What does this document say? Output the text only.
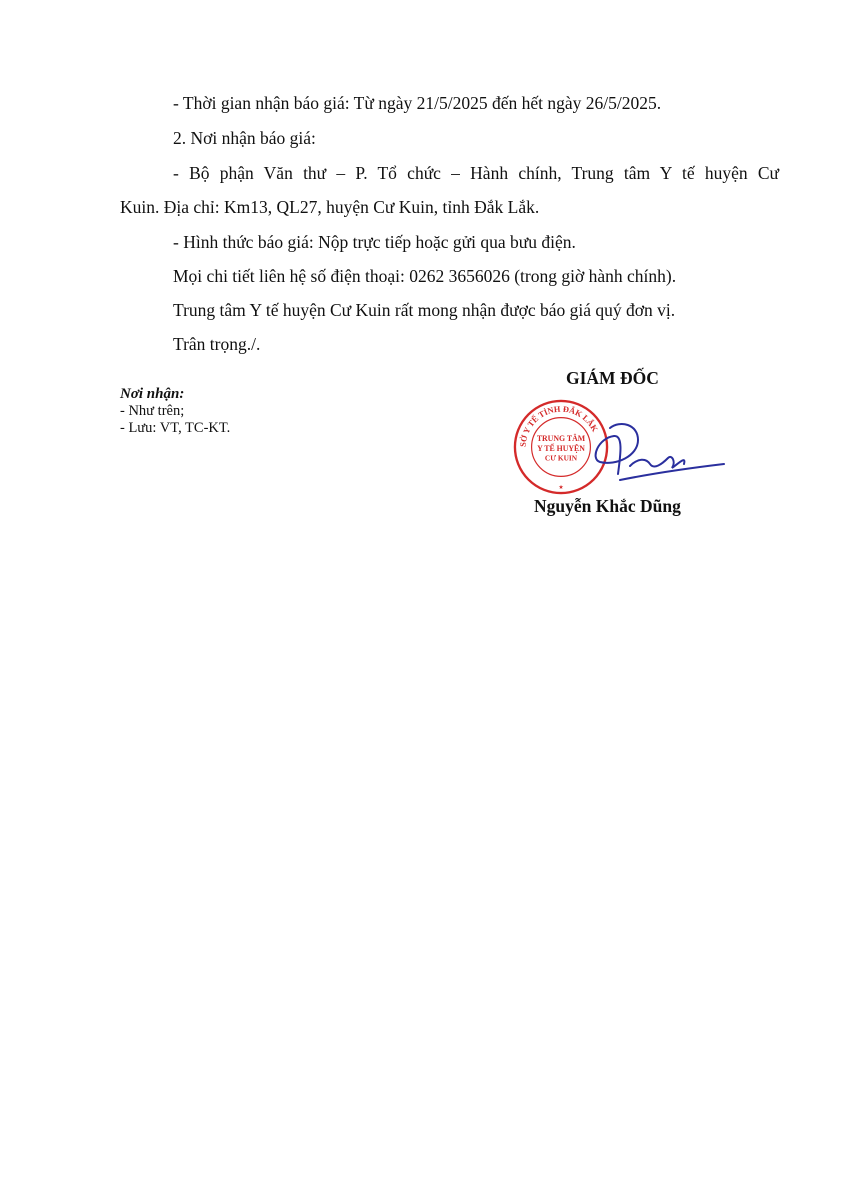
- Thời gian nhận báo giá: Từ ngày 21/5/2025 đến hết ngày 26/5/2025.
2. Nơi nhận báo giá:
- Bộ phận Văn thư – P. Tổ chức – Hành chính, Trung tâm Y tế huyện Cư
Kuin. Địa chỉ: Km13, QL27, huyện Cư Kuin, tỉnh Đắk Lắk.
- Hình thức báo giá: Nộp trực tiếp hoặc gửi qua bưu điện.
Mọi chi tiết liên hệ số điện thoại: 0262 3656026 (trong giờ hành chính).
Trung tâm Y tế huyện Cư Kuin rất mong nhận được báo giá quý đơn vị.
Trân trọng./.
Nơi nhận:
- Như trên;
- Lưu: VT, TC-KT.
GIÁM ĐỐC
SỞ Y TẾ TỈNH ĐẮK LẮK
TRUNG TÂM
Y TẾ HUYỆN
CƯ KUIN
★
Nguyễn Khắc Dũng
